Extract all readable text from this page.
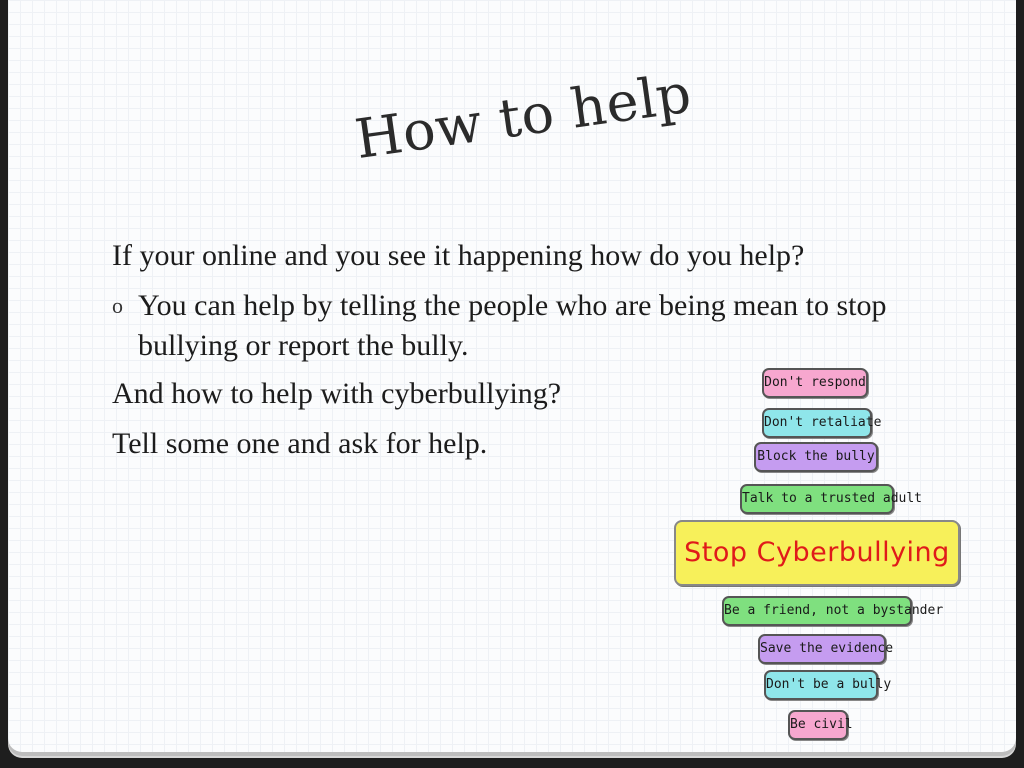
How to help
If your online and you see it happening how do you help?
o You can help by telling the people who are being mean to stop bullying or report the bully.
And how to help with cyberbullying?
Tell some one and ask for help.
Don't respond
Don't retaliate
Block the bully
Talk to a trusted adult
Stop Cyberbullying
Be a friend, not a bystander
Save the evidence
Don't be a bully
Be civil
